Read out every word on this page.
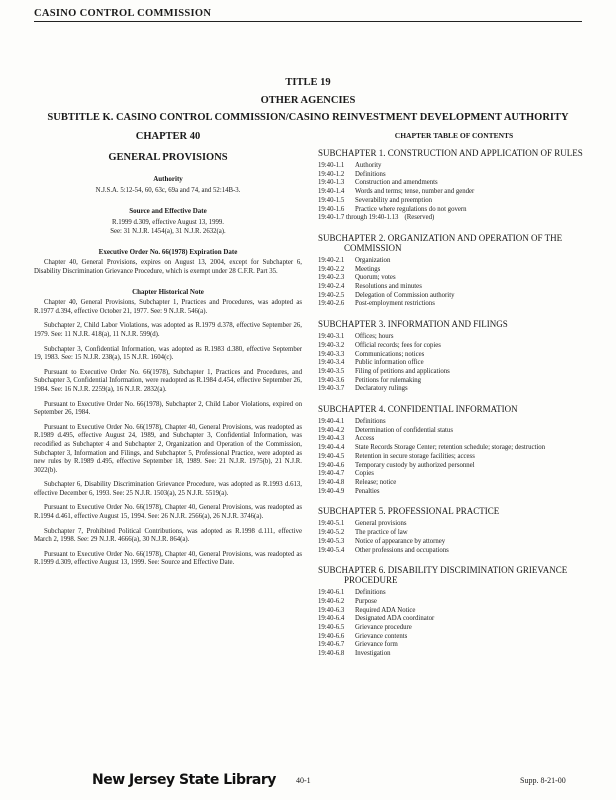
CASINO CONTROL COMMISSION
TITLE 19
OTHER AGENCIES
SUBTITLE K. CASINO CONTROL COMMISSION/CASINO REINVESTMENT DEVELOPMENT AUTHORITY
CHAPTER 40
GENERAL PROVISIONS
Authority
N.J.S.A. 5:12-54, 60, 63c, 69a and 74, and 52:14B-3.
Source and Effective Date
R.1999 d.309, effective August 13, 1999.
See: 31 N.J.R. 1454(a), 31 N.J.R. 2632(a).
Executive Order No. 66(1978) Expiration Date

Chapter 40, General Provisions, expires on August 13, 2004, except for Subchapter 6, Disability Discrimination Grievance Procedure, which is exempt under 28 C.F.R. Part 35.

Chapter Historical Note

Chapter 40, General Provisions, Subchapter 1, Practices and Procedures, was adopted as R.1977 d.394, effective October 21, 1977. See: 9 N.J.R. 546(a).

Subchapter 2, Child Labor Violations, was adopted as R.1979 d.378, effective September 26, 1979. See: 11 N.J.R. 418(a), 11 N.J.R. 599(d).

Subchapter 3, Confidential Information, was adopted as R.1983 d.380, effective September 19, 1983. See: 15 N.J.R. 238(a), 15 N.J.R. 1604(c).

Pursuant to Executive Order No. 66(1978), Subchapter 1, Practices and Procedures, and Subchapter 3, Confidential Information, were readopted as R.1984 d.454, effective September 26, 1984. See: 16 N.J.R. 2259(a), 16 N.J.R. 2832(a).

Pursuant to Executive Order No. 66(1978), Subchapter 2, Child Labor Violations, expired on September 26, 1984.

Pursuant to Executive Order No. 66(1978), Chapter 40, General Provisions, was readopted as R.1989 d.495, effective August 24, 1989, and Subchapter 3, Confidential Information, was recodified as Subchapter 4 and Subchapter 2, Organization and Operation of the Commission, Subchapter 3, Information and Filings, and Subchapter 5, Professional Practice, were adopted as new rules by R.1989 d.495, effective September 18, 1989. See: 21 N.J.R. 1975(b), 21 N.J.R. 3022(b).

Subchapter 6, Disability Discrimination Grievance Procedure, was adopted as R.1993 d.613, effective December 6, 1993. See: 25 N.J.R. 1503(a), 25 N.J.R. 5519(a).

Pursuant to Executive Order No. 66(1978), Chapter 40, General Provisions, was readopted as R.1994 d.461, effective August 15, 1994. See: 26 N.J.R. 2566(a), 26 N.J.R. 3746(a).

Subchapter 7, Prohibited Political Contributions, was adopted as R.1998 d.111, effective March 2, 1998. See: 29 N.J.R. 4666(a), 30 N.J.R. 864(a).

Pursuant to Executive Order No. 66(1978), Chapter 40, General Provisions, was readopted as R.1999 d.309, effective August 13, 1999. See: Source and Effective Date.

CHAPTER TABLE OF CONTENTS
SUBCHAPTER 1. CONSTRUCTION AND APPLICATION OF RULES
19:40-1.1	Authority
19:40-1.2	Definitions
19:40-1.3	Construction and amendments
19:40-1.4	Words and terms; tense, number and gender
19:40-1.5	Severability and preemption
19:40-1.6	Practice where regulations do not govern
19:40-1.7 through 19:40-1.13 (Reserved)
SUBCHAPTER 2. ORGANIZATION AND OPERATION OF THE COMMISSION
19:40-2.1	Organization
19:40-2.2	Meetings
19:40-2.3	Quorum; votes
19:40-2.4	Resolutions and minutes
19:40-2.5	Delegation of Commission authority
19:40-2.6	Post-employment restrictions
SUBCHAPTER 3. INFORMATION AND FILINGS
19:40-3.1	Offices; hours
19:40-3.2	Official records; fees for copies
19:40-3.3	Communications; notices
19:40-3.4	Public information office
19:40-3.5	Filing of petitions and applications
19:40-3.6	Petitions for rulemaking
19:40-3.7	Declaratory rulings
SUBCHAPTER 4. CONFIDENTIAL INFORMATION
19:40-4.1	Definitions
19:40-4.2	Determination of confidential status
19:40-4.3	Access
19:40-4.4	State Records Storage Center; retention schedule; storage; destruction
19:40-4.5	Retention in secure storage facilities; access
19:40-4.6	Temporary custody by authorized personnel
19:40-4.7	Copies
19:40-4.8	Release; notice
19:40-4.9	Penalties
SUBCHAPTER 5. PROFESSIONAL PRACTICE
19:40-5.1	General provisions
19:40-5.2	The practice of law
19:40-5.3	Notice of appearance by attorney
19:40-5.4	Other professions and occupations
SUBCHAPTER 6. DISABILITY DISCRIMINATION GRIEVANCE PROCEDURE
19:40-6.1	Definitions
19:40-6.2	Purpose
19:40-6.3	Required ADA Notice
19:40-6.4	Designated ADA coordinator
19:40-6.5	Grievance procedure
19:40-6.6	Grievance contents
19:40-6.7	Grievance form
19:40-6.8	Investigation
New Jersey State Library	40-1	Supp. 8-21-00
